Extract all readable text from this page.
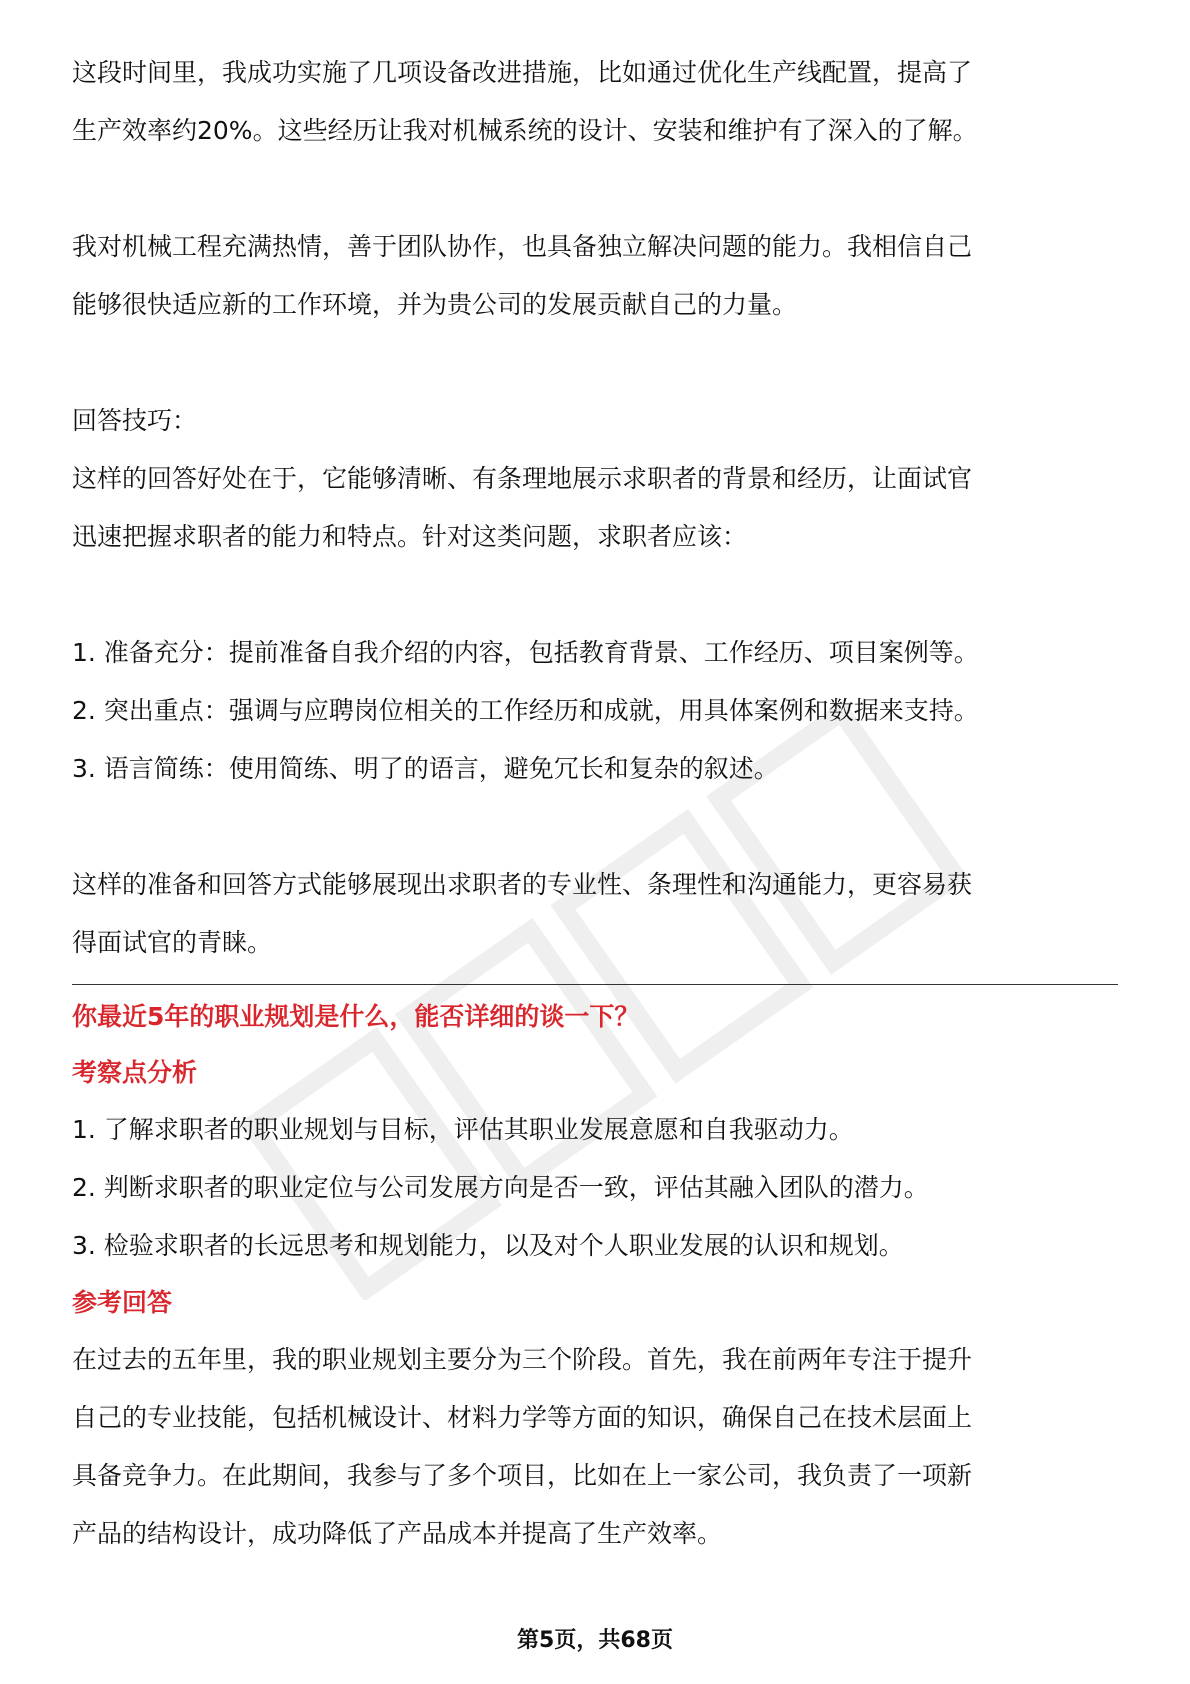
这段时间里，我成功实施了几项设备改进措施，比如通过优化生产线配置，提高了

生产效率约20%。这些经历让我对机械系统的设计、安装和维护有了深入的了解。

我对机械工程充满热情，善于团队协作，也具备独立解决问题的能力。我相信自己

能够很快适应新的工作环境，并为贵公司的发展贡献自己的力量。

回答技巧：

这样的回答好处在于，它能够清晰、有条理地展示求职者的背景和经历，让面试官

迅速把握求职者的能力和特点。针对这类问题，求职者应该：

1. 准备充分：提前准备自我介绍的内容，包括教育背景、工作经历、项目案例等。

2. 突出重点：强调与应聘岗位相关的工作经历和成就，用具体案例和数据来支持。

3. 语言简练：使用简练、明了的语言，避免冗长和复杂的叙述。

这样的准备和回答方式能够展现出求职者的专业性、条理性和沟通能力，更容易获

得面试官的青睐。

你最近5年的职业规划是什么，能否详细的谈一下？

考察点分析

1. 了解求职者的职业规划与目标，评估其职业发展意愿和自我驱动力。

2. 判断求职者的职业定位与公司发展方向是否一致，评估其融入团队的潜力。

3. 检验求职者的长远思考和规划能力，以及对个人职业发展的认识和规划。

参考回答

在过去的五年里，我的职业规划主要分为三个阶段。首先，我在前两年专注于提升

自己的专业技能，包括机械设计、材料力学等方面的知识，确保自己在技术层面上

具备竞争力。在此期间，我参与了多个项目，比如在上一家公司，我负责了一项新

产品的结构设计，成功降低了产品成本并提高了生产效率。

第5页，共68页
